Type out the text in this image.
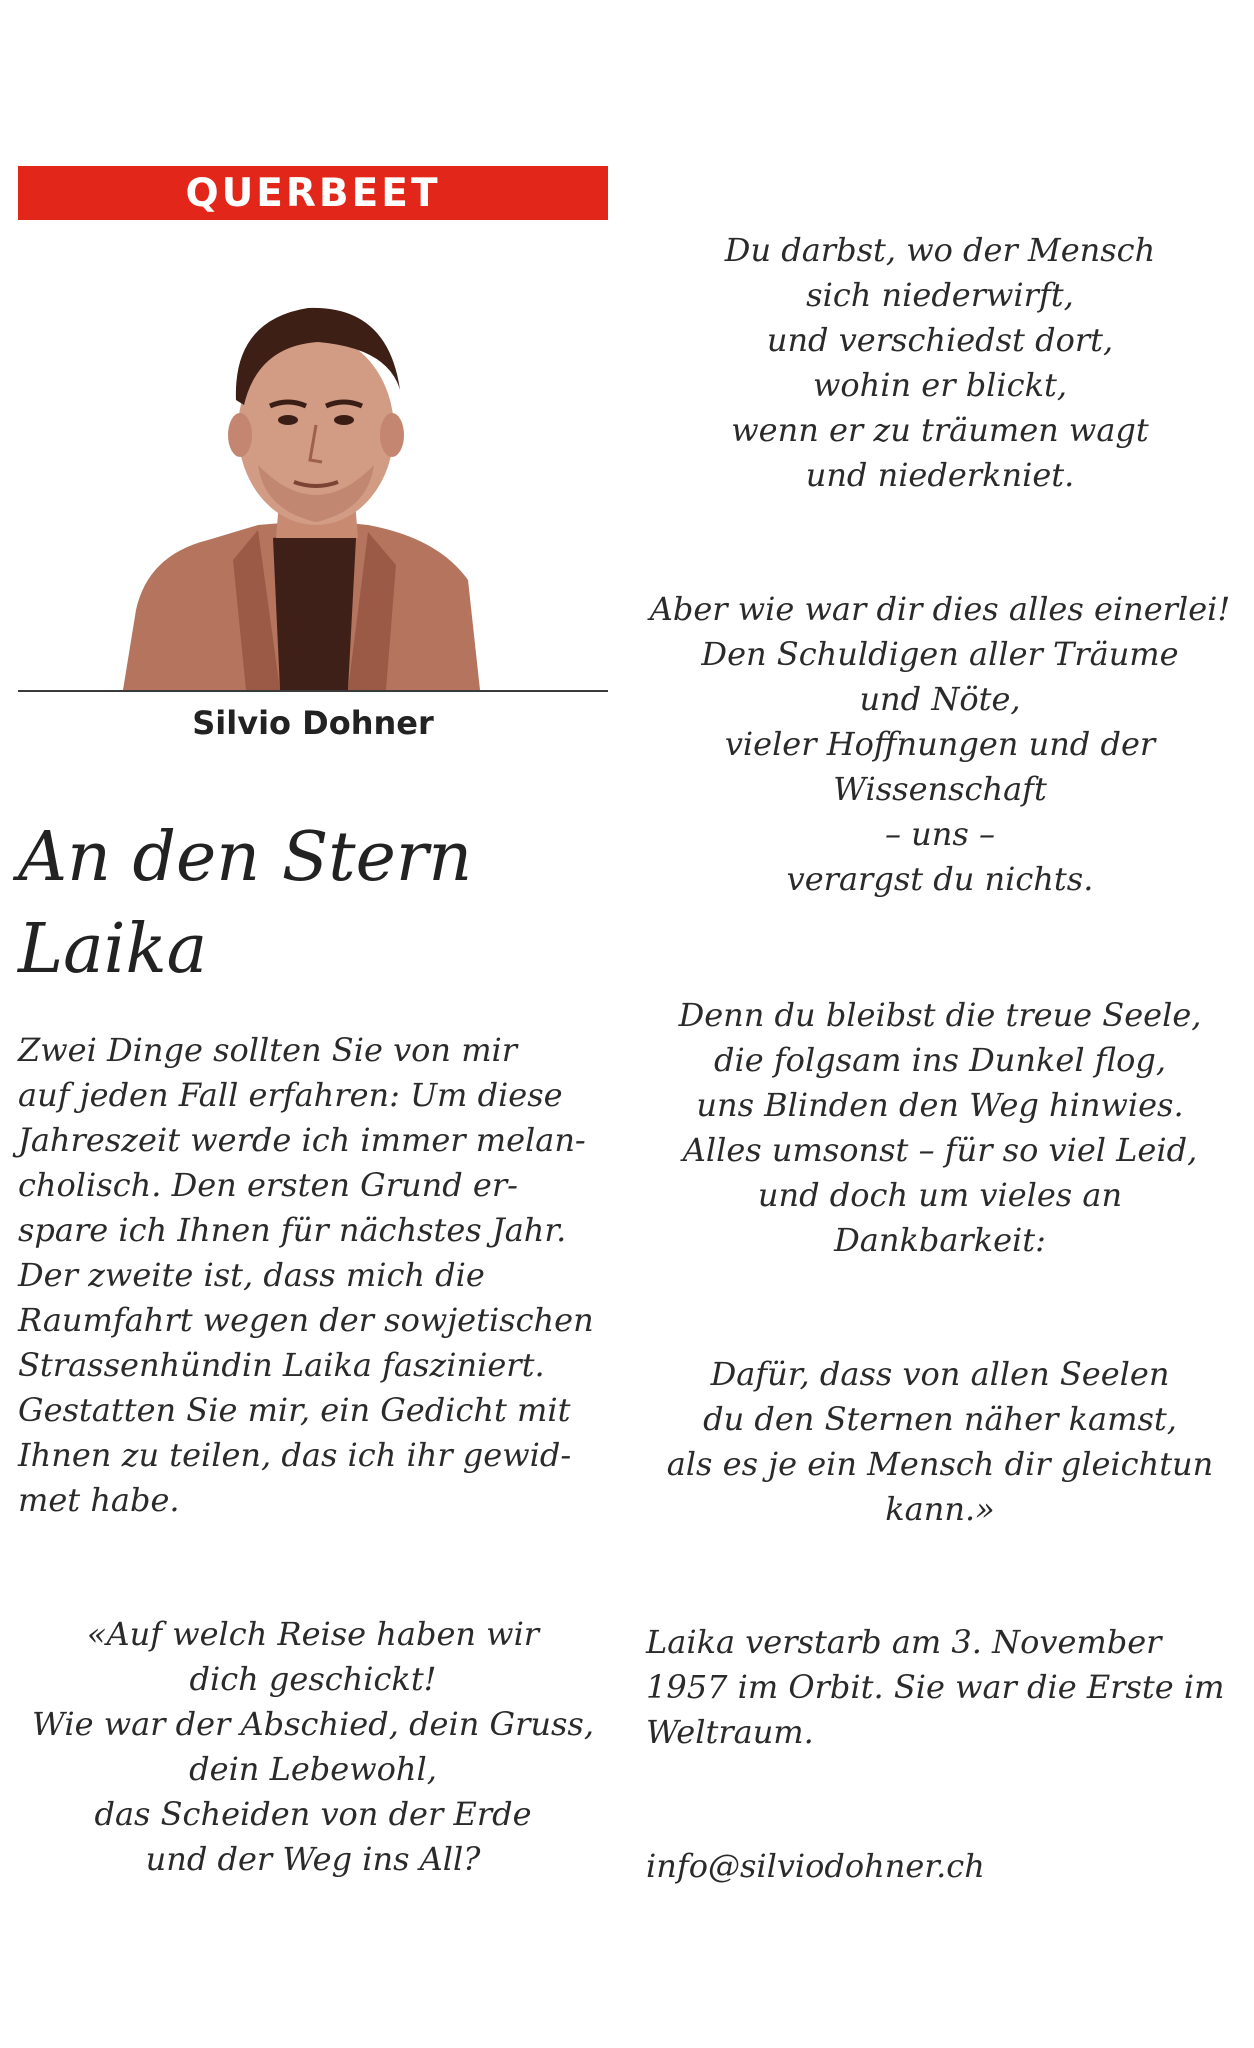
QUERBEET
Silvio Dohner
An den Stern
Laika

Zwei Dinge sollten Sie von mir
auf jeden Fall erfahren: Um diese
Jahreszeit werde ich immer melan-
cholisch. Den ersten Grund er-
spare ich Ihnen für nächstes Jahr.
Der zweite ist, dass mich die
Raumfahrt wegen der sowjetischen
Strassenhündin Laika fasziniert.
Gestatten Sie mir, ein Gedicht mit
Ihnen zu teilen, das ich ihr gewid-
met habe.

«Auf welch Reise haben wir
dich geschickt!
Wie war der Abschied, dein Gruss,
dein Lebewohl,
das Scheiden von der Erde
und der Weg ins All?

Du darbst, wo der Mensch
sich niederwirft,
und verschiedst dort,
wohin er blickt,
wenn er zu träumen wagt
und niederkniet.

Aber wie war dir dies alles einerlei!
Den Schuldigen aller Träume
und Nöte,
vieler Hoffnungen und der
Wissenschaft
– uns –
verargst du nichts.

Denn du bleibst die treue Seele,
die folgsam ins Dunkel flog,
uns Blinden den Weg hinwies.
Alles umsonst – für so viel Leid,
und doch um vieles an
Dankbarkeit:

Dafür, dass von allen Seelen
du den Sternen näher kamst,
als es je ein Mensch dir gleichtun
kann.»

Laika verstarb am 3. November
1957 im Orbit. Sie war die Erste im
Weltraum.

info@silviodohner.ch
